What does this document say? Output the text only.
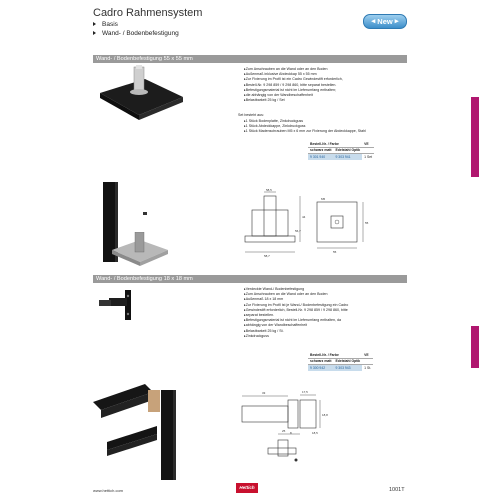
Cadro Rahmensystem
Basis
Wand- / Bodenbefestigung
◀ New ▶
Wand- / Bodenbefestigung 55 x 55 mm
▸ Zum Anschrauben an die Wand oder an den Boden
▸ Außenmaß inklusive Abdeckkap 55 x 55 mm
▸ Zur Fixierung im Profil ist ein Cadro Gewindestift erforderlich,
▸ Bestell-Nr. 9 298 859 / 9 298 860, bitte separat bestellen.
▸ Befestigungsmaterial ist nicht im Lieferumfang enthalten;
▸ die abhängig von der Wandbeschaffenheit
▸ Belastbarkeit 25 kg / Set
Set besteht aus:
▸ 1 Stück Bodenplatte, Zinkdruckguss
▸ 1 Stück Abdeckkappe, Zinkdruckguss
▸ 1 Stück Madenschrauben M5 x 6 mm zur Fixierung der Abdeckkappe, Stahl
Bestell-Nr. / Farbe		VE
schwarz matt	Edelstahl Optik	
9 301 940	9 303 941	1 Set
58,5
44
56,7
58,7
M5
55
55
Wand- / Bodenbefestigung 18 x 18 mm
▸ Verdeckte Wand-/ Bodenbefestigung
▸ Zum Anschrauben an die Wand oder an den Boden
▸ Außenmaß 18 x 18 mm
▸ Zur Fixierung im Profil ist je Wand-/ Bodenbefestigung ein Cadro
▸ Gewindestift erforderlich, Bestell-Nr. 9 298 859 / 9 298 860, bitte
▸ separat bestellen.
▸ Befestigungsmaterial ist nicht im Lieferumfang enthalten, da
▸ abhängig von der Wandbeschaffenheit
▸ Belastbarkeit 25 kg / St.
▸ Zinkdruckguss
Bestell-Nr. / Farbe		VE
schwarz matt	Edelstahl Optik	
9 300 942	9 303 943	1 St.
33	17,5
18,8
8
25	18,5
www.hettich.com
Hettich	1001T
